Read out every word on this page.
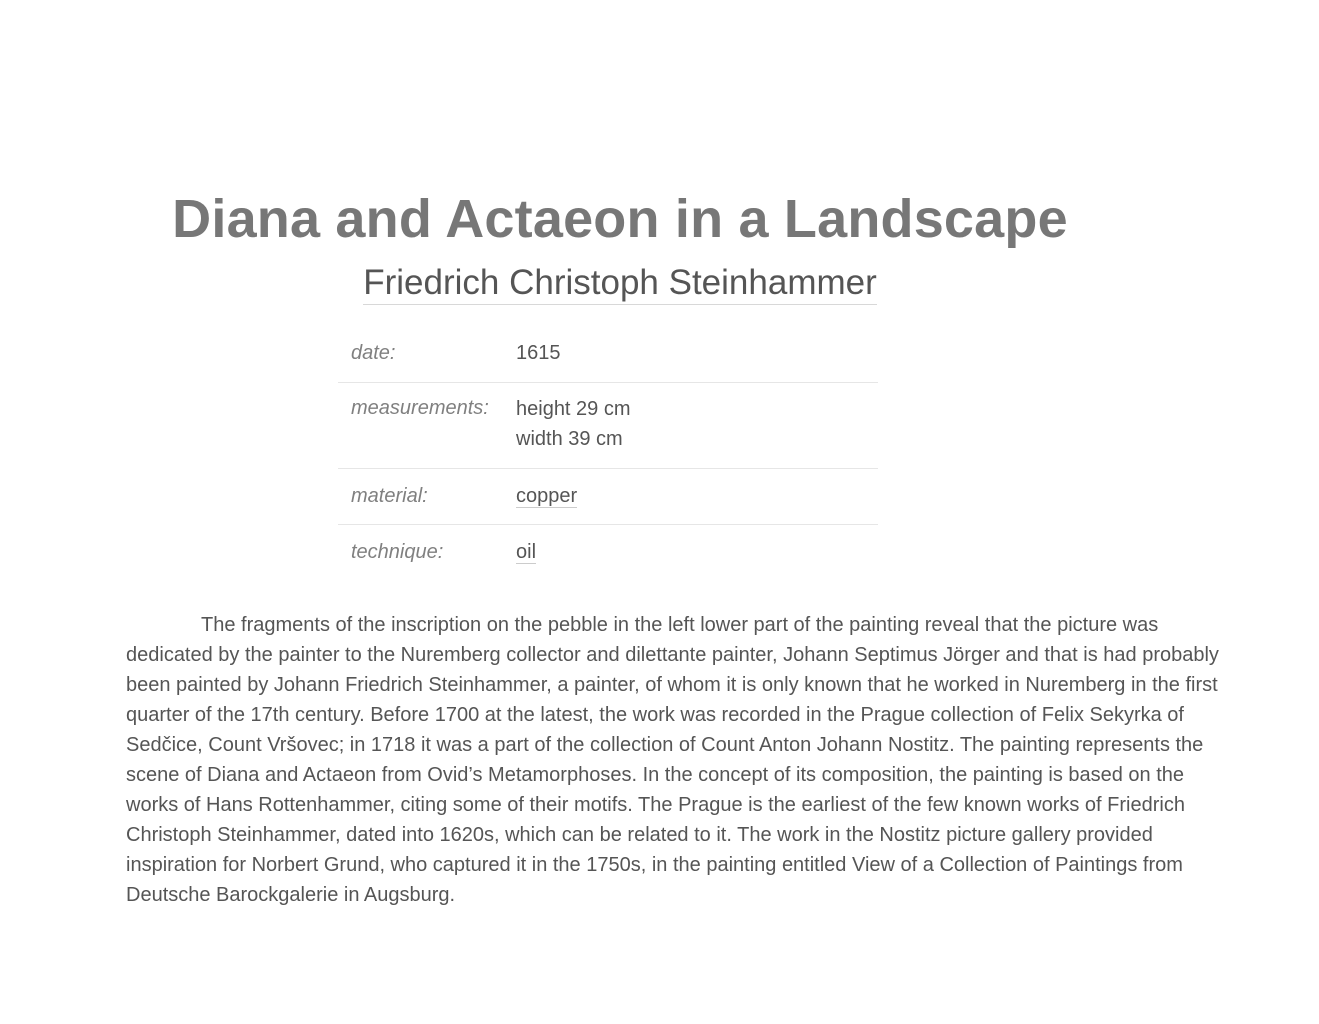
Diana and Actaeon in a Landscape
Friedrich Christoph Steinhammer
date:	1615
measurements:	height 29 cm
width 39 cm
material:	copper
technique:	oil

The fragments of the inscription on the pebble in the left lower part of the painting reveal that the picture was dedicated by the painter to the Nuremberg collector and dilettante painter, Johann Septimus Jörger and that is had probably been painted by Johann Friedrich Steinhammer, a painter, of whom it is only known that he worked in Nuremberg in the first quarter of the 17th century. Before 1700 at the latest, the work was recorded in the Prague collection of Felix Sekyrka of Sedčice, Count Vršovec; in 1718 it was a part of the collection of Count Anton Johann Nostitz. The painting represents the scene of Diana and Actaeon from Ovid’s Metamorphoses. In the concept of its composition, the painting is based on the works of Hans Rottenhammer, citing some of their motifs. The Prague is the earliest of the few known works of Friedrich Christoph Steinhammer, dated into 1620s, which can be related to it. The work in the Nostitz picture gallery provided inspiration for Norbert Grund, who captured it in the 1750s, in the painting entitled View of a Collection of Paintings from Deutsche Barockgalerie in Augsburg.
